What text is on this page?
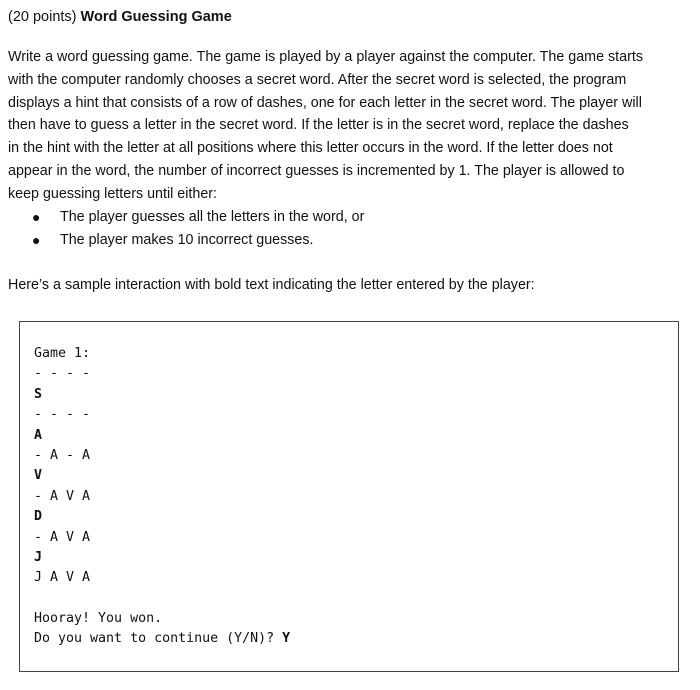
(20 points) Word Guessing Game

Write a word guessing game. The game is played by a player against the computer. The game starts
with the computer randomly chooses a secret word. After the secret word is selected, the program
displays a hint that consists of a row of dashes, one for each letter in the secret word. The player will
then have to guess a letter in the secret word. If the letter is in the secret word, replace the dashes
in the hint with the letter at all positions where this letter occurs in the word. If the letter does not
appear in the word, the number of incorrect guesses is incremented by 1. The player is allowed to
keep guessing letters until either:
● The player guesses all the letters in the word, or
● The player makes 10 incorrect guesses.

Here’s a sample interaction with bold text indicating the letter entered by the player:

Game 1:
- - - -
S
- - - -
A
- A - A
V
- A V A
D
- A V A
J
J A V A
Hooray! You won.
Do you want to continue (Y/N)? Y
